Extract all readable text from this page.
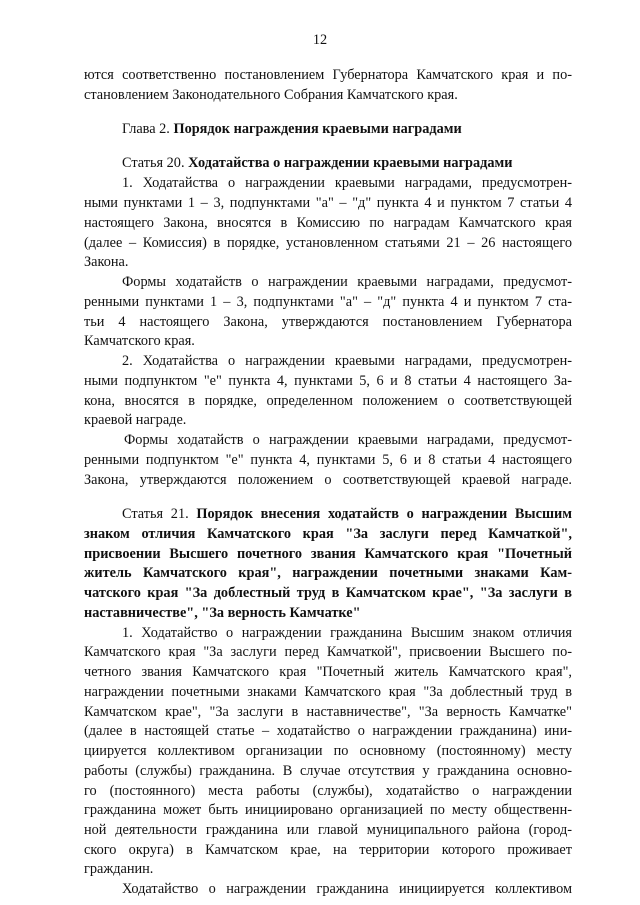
12
ются соответственно постановлением Губернатора Камчатского края и по-
становлением Законодательного Собрания Камчатского края.
Глава 2. Порядок награждения краевыми наградами
Статья 20. Ходатайства о награждении краевыми наградами
1. Ходатайства о награждении краевыми наградами, предусмотрен-
ными пунктами 1 – 3, подпунктами "а" – "д" пункта 4 и пунктом 7 статьи 4
настоящего Закона, вносятся в Комиссию по наградам Камчатского края
(далее – Комиссия) в порядке, установленном статьями 21 – 26 настоящего
Закона.
Формы ходатайств о награждении краевыми наградами, предусмот-
ренными пунктами 1 – 3, подпунктами "а" – "д" пункта 4 и пунктом 7 ста-
тьи 4 настоящего Закона, утверждаются постановлением Губернатора
Камчатского края.
2. Ходатайства о награждении краевыми наградами, предусмотрен-
ными подпунктом "е" пункта 4, пунктами 5, 6 и 8 статьи 4 настоящего За-
кона, вносятся в порядке, определенном положением о соответствующей
краевой награде.
Формы ходатайств о награждении краевыми наградами, предусмот-
ренными подпунктом "е" пункта 4, пунктами 5, 6 и 8 статьи 4 настоящего
Закона, утверждаются положением о соответствующей краевой награде.
Статья 21. Порядок внесения ходатайств о награждении Высшим
знаком отличия Камчатского края "За заслуги перед Камчаткой",
присвоении Высшего почетного звания Камчатского края "Почетный
житель Камчатского края", награждении почетными знаками Кам-
чатского края "За доблестный труд в Камчатском крае", "За заслуги в
наставничестве", "За верность Камчатке"
1. Ходатайство о награждении гражданина Высшим знаком отличия
Камчатского края "За заслуги перед Камчаткой", присвоении Высшего по-
четного звания Камчатского края "Почетный житель Камчатского края",
награждении почетными знаками Камчатского края "За доблестный труд в
Камчатском крае", "За заслуги в наставничестве", "За верность Камчатке"
(далее в настоящей статье – ходатайство о награждении гражданина) ини-
циируется коллективом организации по основному (постоянному) месту
работы (службы) гражданина. В случае отсутствия у гражданина основно-
го (постоянного) места работы (службы), ходатайство о награждении
гражданина может быть инициировано организацией по месту общественн-
ной деятельности гражданина или главой муниципального района (город-
ского округа) в Камчатском крае, на территории которого проживает
гражданин.
Ходатайство о награждении гражданина инициируется коллективом
